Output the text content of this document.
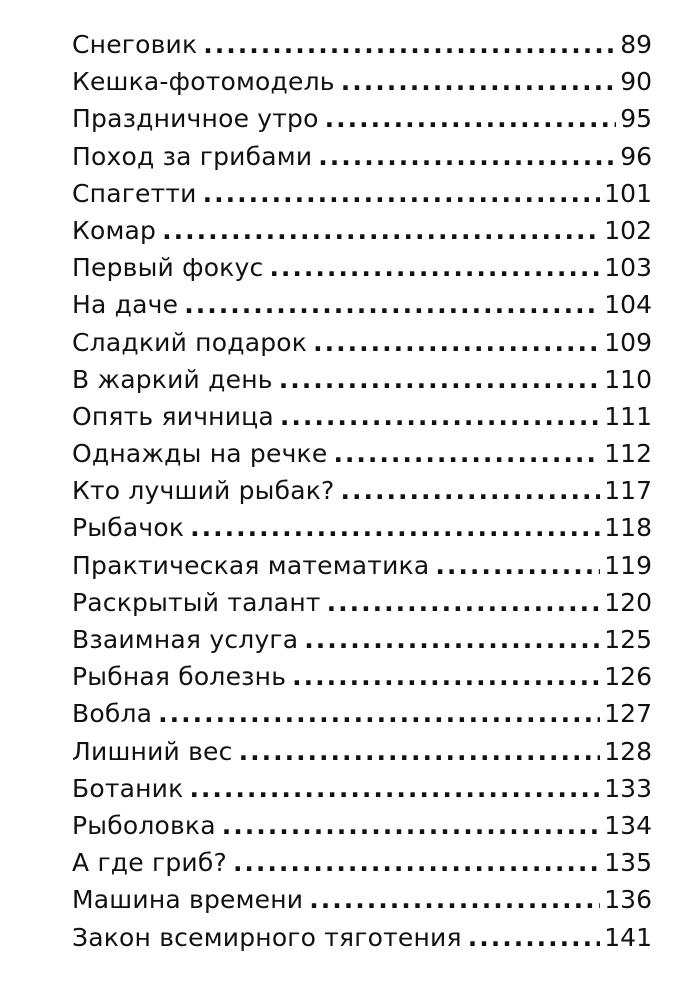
Снеговик .....	89
Кешка-фотомодель .....	90
Праздничное утро .....	95
Поход за грибами .....	96
Спагетти .....	101
Комар .....	102
Первый фокус .....	103
На даче .....	104
Сладкий подарок .....	109
В жаркий день .....	110
Опять яичница .....	111
Однажды на речке .....	112
Кто лучший рыбак? .....	117
Рыбачок .....	118
Практическая математика .....	119
Раскрытый талант .....	120
Взаимная услуга .....	125
Рыбная болезнь .....	126
Вобла .....	127
Лишний вес .....	128
Ботаник .....	133
Рыболовка .....	134
А где гриб? .....	135
Машина времени .....	136
Закон всемирного тяготения .....	141
